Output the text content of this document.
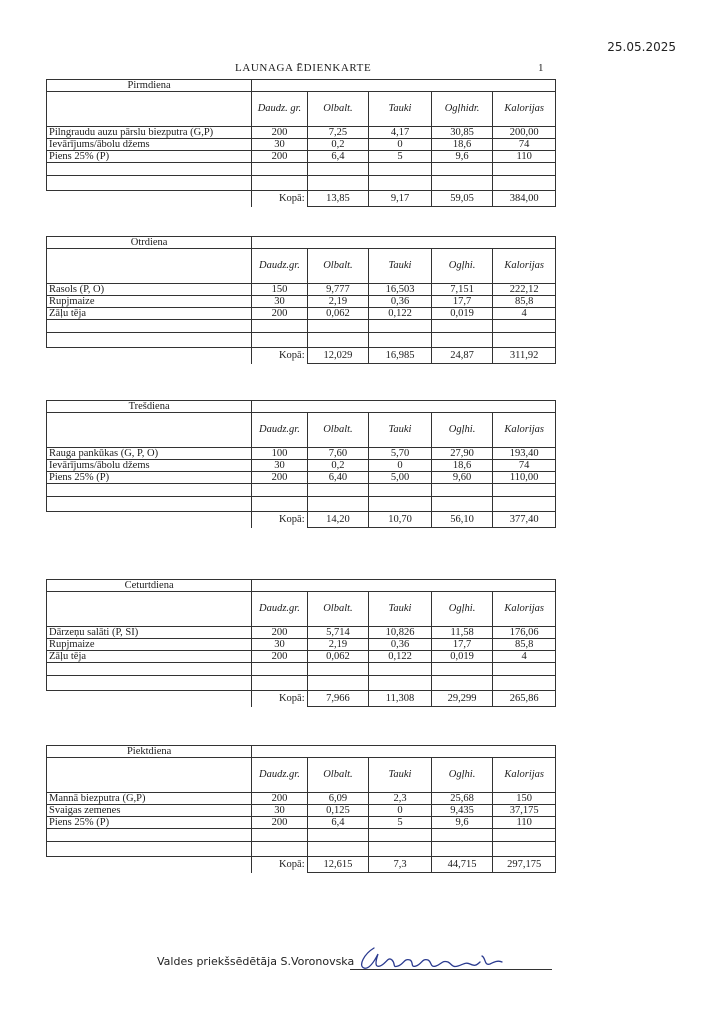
25.05.2025
LAUNAGA ĒDIENKARTE	1
Pirmdiena					
	Daudz. gr.	Olbalt.	Tauki	Ogļhidr.	Kalorijas
Pilngraudu auzu pārslu biezputra (G,P)	200	7,25	4,17	30,85	200,00
Ievārījums/ābolu džems	30	0,2	0	18,6	74
Piens 25% (P)	200	6,4	5	9,6	110

	Kopā:	13,85	9,17	59,05	384,00
Otrdiena					
	Daudz.gr.	Olbalt.	Tauki	Ogļhi.	Kalorijas
Rasols (P, O)	150	9,777	16,503	7,151	222,12
Rupjmaize	30	2,19	0,36	17,7	85,8
Zāļu tēja	200	0,062	0,122	0,019	4

	Kopā:	12,029	16,985	24,87	311,92
Trešdiena					
	Daudz.gr.	Olbalt.	Tauki	Ogļhi.	Kalorijas
Rauga pankūkas (G, P, O)	100	7,60	5,70	27,90	193,40
Ievārījums/ābolu džems	30	0,2	0	18,6	74
Piens 25% (P)	200	6,40	5,00	9,60	110,00

	Kopā:	14,20	10,70	56,10	377,40
Ceturtdiena					
	Daudz.gr.	Olbalt.	Tauki	Ogļhi.	Kalorijas
Dārzeņu salāti (P, SI)	200	5,714	10,826	11,58	176,06
Rupjmaize	30	2,19	0,36	17,7	85,8
Zāļu tēja	200	0,062	0,122	0,019	4

	Kopā:	7,966	11,308	29,299	265,86
Piektdiena					
	Daudz.gr.	Olbalt.	Tauki	Ogļhi.	Kalorijas
Mannā biezputra (G,P)	200	6,09	2,3	25,68	150
Svaigas zemenes	30	0,125	0	9,435	37,175
Piens 25% (P)	200	6,4	5	9,6	110

	Kopā:	12,615	7,3	44,715	297,175
Valdes priekšsēdētāja S.Voronovska
